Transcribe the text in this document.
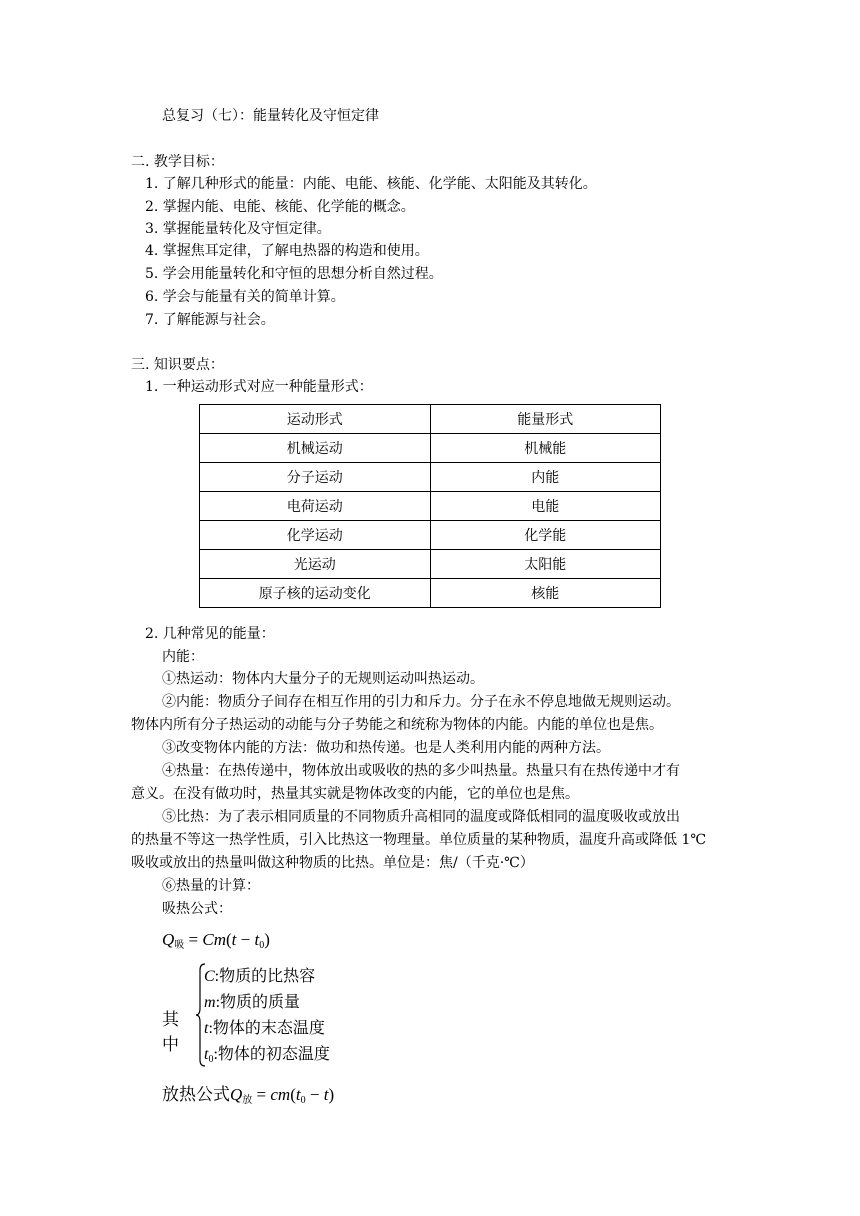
总复习（七）：能量转化及守恒定律
二. 教学目标：
1. 了解几种形式的能量：内能、电能、核能、化学能、太阳能及其转化。
2. 掌握内能、电能、核能、化学能的概念。
3. 掌握能量转化及守恒定律。
4. 掌握焦耳定律，了解电热器的构造和使用。
5. 学会用能量转化和守恒的思想分析自然过程。
6. 学会与能量有关的简单计算。
7. 了解能源与社会。
三. 知识要点：
1. 一种运动形式对应一种能量形式：
运动形式	能量形式
机械运动	机械能
分子运动	内能
电荷运动	电能
化学运动	化学能
光运动	太阳能
原子核的运动变化	核能
2. 几种常见的能量：
内能：
①热运动：物体内大量分子的无规则运动叫热运动。
②内能：物质分子间存在相互作用的引力和斥力。分子在永不停息地做无规则运动。
物体内所有分子热运动的动能与分子势能之和统称为物体的内能。内能的单位也是焦。
③改变物体内能的方法：做功和热传递。也是人类利用内能的两种方法。
④热量：在热传递中，物体放出或吸收的热的多少叫热量。热量只有在热传递中才有
意义。在没有做功时，热量其实就是物体改变的内能，它的单位也是焦。
⑤比热：为了表示相同质量的不同物质升高相同的温度或降低相同的温度吸收或放出
的热量不等这一热学性质，引入比热这一物理量。单位质量的某种物质，温度升高或降低 1℃
吸收或放出的热量叫做这种物质的比热。单位是：焦/（千克·℃）
⑥热量的计算：
吸热公式：
$Q_吸 = Cm(t - t_0)$
其中
C:物质的比热容
m:物质的质量
t:物体的末态温度
$t_0$:物体的初态温度
放热公式$Q_放 = cm(t_0 - t)$
